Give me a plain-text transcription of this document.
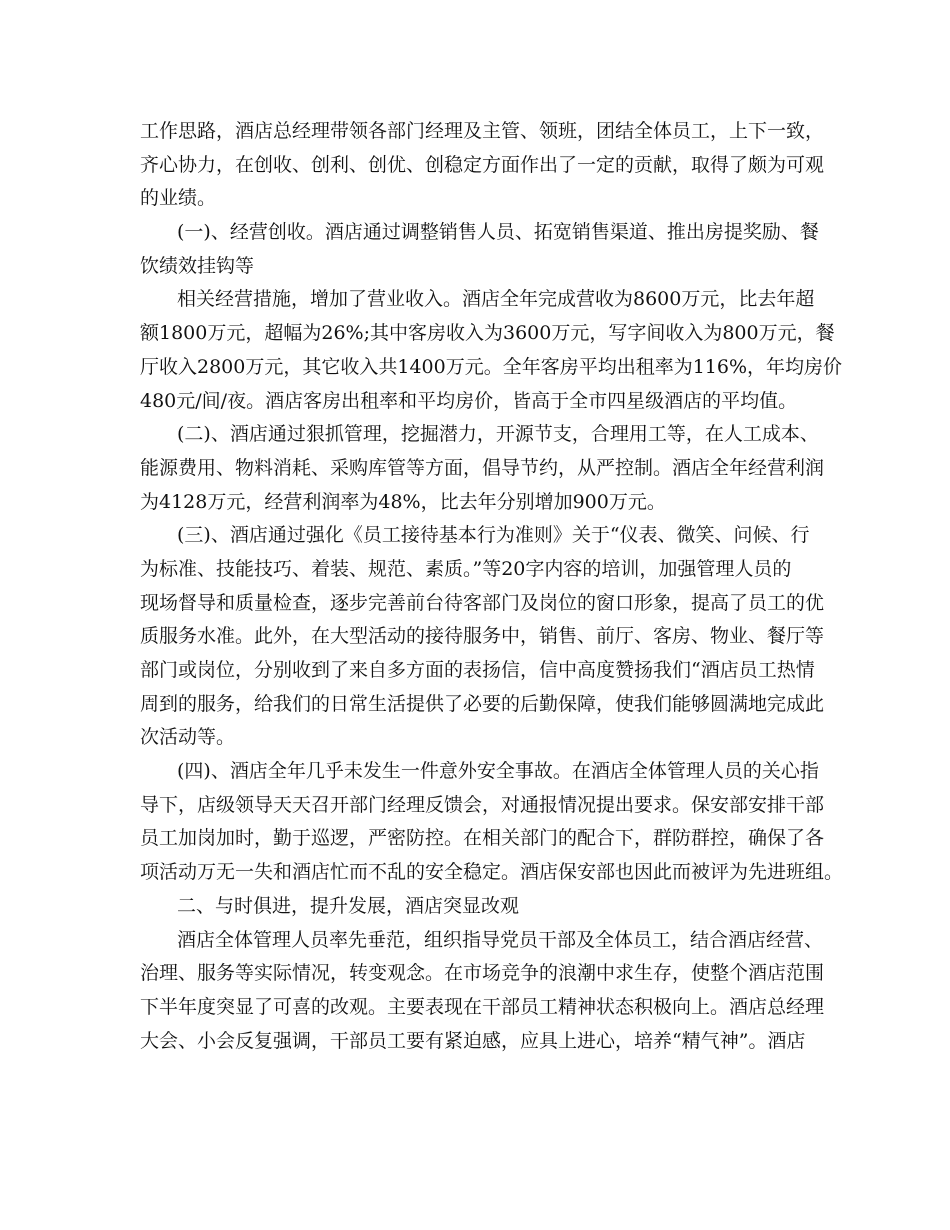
工作思路，酒店总经理带领各部门经理及主管、领班，团结全体员工，上下一致，
齐心协力，在创收、创利、创优、创稳定方面作出了一定的贡献，取得了颇为可观
的业绩。
(一)、经营创收。酒店通过调整销售人员、拓宽销售渠道、推出房提奖励、餐
饮绩效挂钩等
相关经营措施，增加了营业收入。酒店全年完成营收为8600万元，比去年超
额1800万元，超幅为26%;其中客房收入为3600万元，写字间收入为800万元，餐
厅收入2800万元，其它收入共1400万元。全年客房平均出租率为116%，年均房价
480元/间/夜。酒店客房出租率和平均房价，皆高于全市四星级酒店的平均值。
(二)、酒店通过狠抓管理，挖掘潜力，开源节支，合理用工等，在人工成本、
能源费用、物料消耗、采购库管等方面，倡导节约，从严控制。酒店全年经营利润
为4128万元，经营利润率为48%，比去年分别增加900万元。
(三)、酒店通过强化《员工接待基本行为准则》关于“仪表、微笑、问候、行
为标准、技能技巧、着装、规范、素质。”等20字内容的培训，加强管理人员的
现场督导和质量检查，逐步完善前台待客部门及岗位的窗口形象，提高了员工的优
质服务水准。此外，在大型活动的接待服务中，销售、前厅、客房、物业、餐厅等
部门或岗位，分别收到了来自多方面的表扬信，信中高度赞扬我们“酒店员工热情
周到的服务，给我们的日常生活提供了必要的后勤保障，使我们能够圆满地完成此
次活动等。
(四)、酒店全年几乎未发生一件意外安全事故。在酒店全体管理人员的关心指
导下，店级领导天天召开部门经理反馈会，对通报情况提出要求。保安部安排干部
员工加岗加时，勤于巡逻，严密防控。在相关部门的配合下，群防群控，确保了各
项活动万无一失和酒店忙而不乱的安全稳定。酒店保安部也因此而被评为先进班组。
二、与时俱进，提升发展，酒店突显改观
酒店全体管理人员率先垂范，组织指导党员干部及全体员工，结合酒店经营、
治理、服务等实际情况，转变观念。在市场竞争的浪潮中求生存，使整个酒店范围
下半年度突显了可喜的改观。主要表现在干部员工精神状态积极向上。酒店总经理
大会、小会反复强调，干部员工要有紧迫感，应具上进心，培养“精气神”。酒店
